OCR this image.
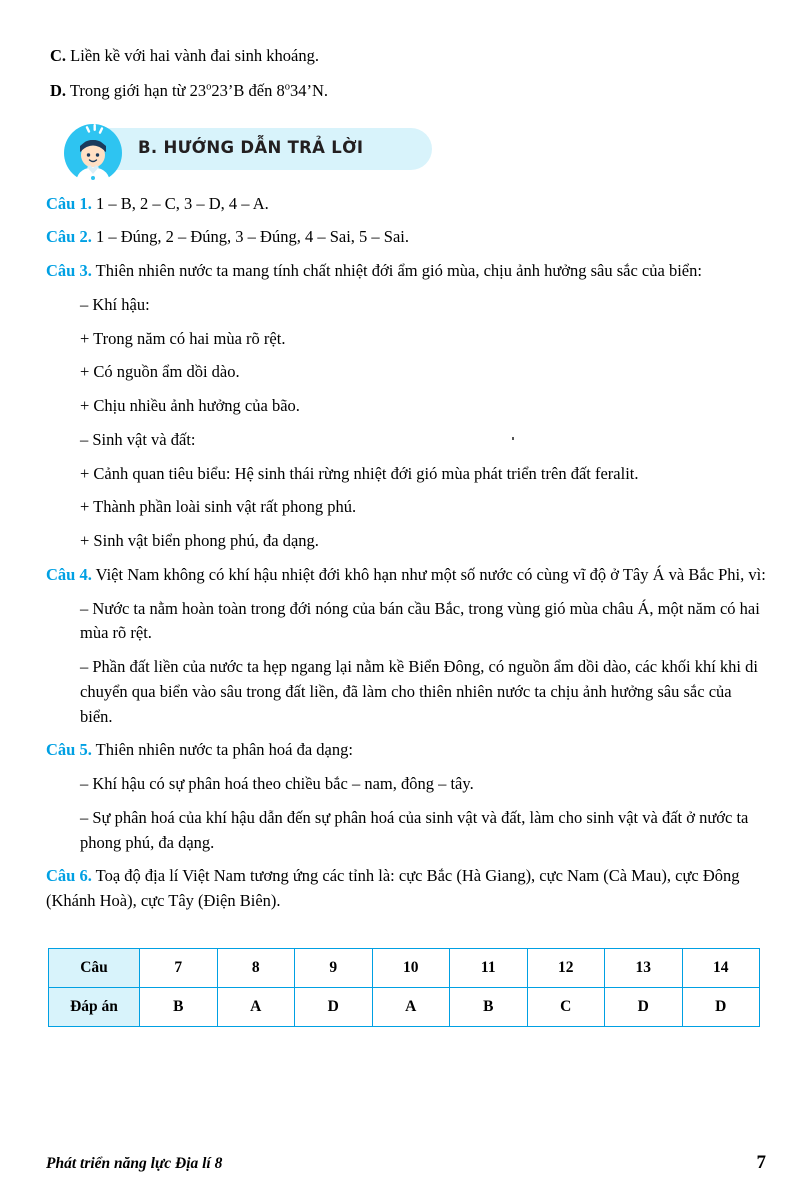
C. Liền kề với hai vành đai sinh khoáng.

D. Trong giới hạn từ 23$^o$23’B đến 8$^o$34’N.

B. HƯỚNG DẪN TRẢ LỜI

Câu 1. 1 – B, 2 – C, 3 – D, 4 – A.

Câu 2. 1 – Đúng, 2 – Đúng, 3 – Đúng, 4 – Sai, 5 – Sai.

Câu 3. Thiên nhiên nước ta mang tính chất nhiệt đới ẩm gió mùa, chịu ảnh hưởng sâu sắc của biển:

– Khí hậu:

+ Trong năm có hai mùa rõ rệt.

+ Có nguồn ẩm dồi dào.

+ Chịu nhiều ảnh hưởng của bão.

– Sinh vật và đất:

+ Cảnh quan tiêu biểu: Hệ sinh thái rừng nhiệt đới gió mùa phát triển trên đất feralit.

+ Thành phần loài sinh vật rất phong phú.

+ Sinh vật biển phong phú, đa dạng.

Câu 4. Việt Nam không có khí hậu nhiệt đới khô hạn như một số nước có cùng vĩ độ ở Tây Á và Bắc Phi, vì:

– Nước ta nằm hoàn toàn trong đới nóng của bán cầu Bắc, trong vùng gió mùa châu Á, một năm có hai mùa rõ rệt.

– Phần đất liền của nước ta hẹp ngang lại nằm kề Biển Đông, có nguồn ẩm dồi dào, các khối khí khi di chuyển qua biển vào sâu trong đất liền, đã làm cho thiên nhiên nước ta chịu ảnh hưởng sâu sắc của biển.

Câu 5. Thiên nhiên nước ta phân hoá đa dạng:

– Khí hậu có sự phân hoá theo chiều bắc – nam, đông – tây.

– Sự phân hoá của khí hậu dẫn đến sự phân hoá của sinh vật và đất, làm cho sinh vật và đất ở nước ta phong phú, đa dạng.

Câu 6. Toạ độ địa lí Việt Nam tương ứng các tỉnh là: cực Bắc (Hà Giang), cực Nam (Cà Mau), cực Đông (Khánh Hoà), cực Tây (Điện Biên).

Câu	7	8	9	10	11	12	13	14
Đáp án	B	A	D	A	B	C	D	D
Phát triển năng lực Địa lí 8	7
